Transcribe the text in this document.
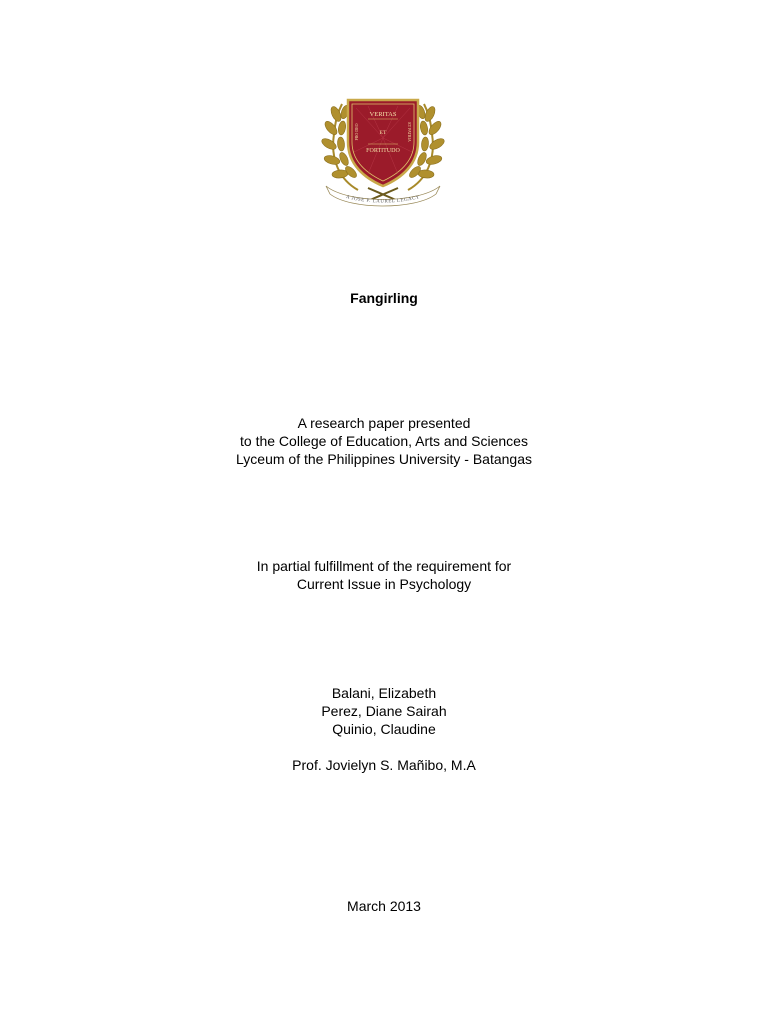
VERITAS
ET
FORTITUDO
PRO DEO	ET PATRIA
A JOSE P. LAUREL LEGACY
Fangirling
A research paper presented
to the College of Education, Arts and Sciences
Lyceum of the Philippines University - Batangas
In partial fulfillment of the requirement for
Current Issue in Psychology
Balani, Elizabeth
Perez, Diane Sairah
Quinio, Claudine
Prof. Jovielyn S. Mañibo, M.A
March 2013
